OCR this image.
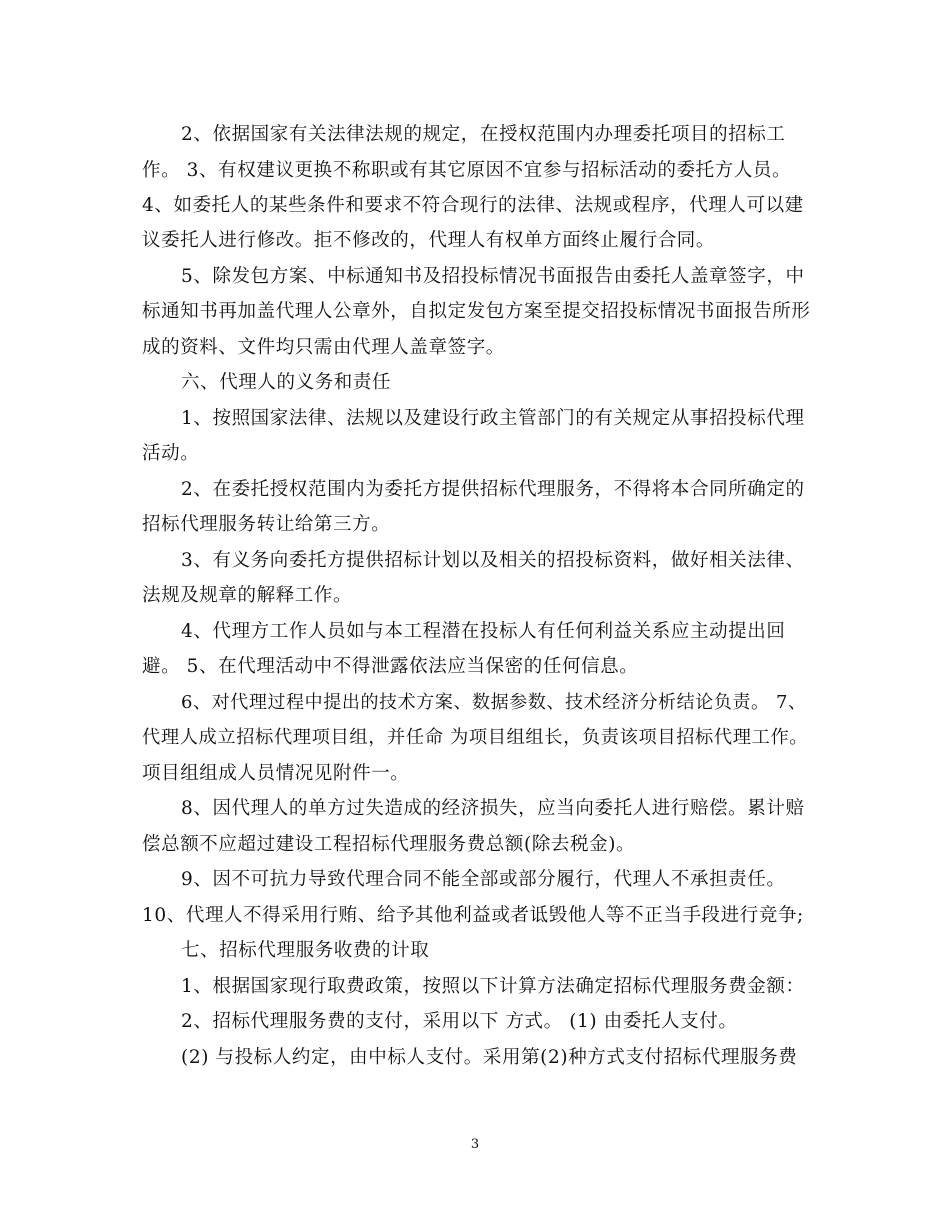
2、依据国家有关法律法规的规定，在授权范围内办理委托项目的招标工
作。 3、有权建议更换不称职或有其它原因不宜参与招标活动的委托方人员。
4、如委托人的某些条件和要求不符合现行的法律、法规或程序，代理人可以建
议委托人进行修改。拒不修改的，代理人有权单方面终止履行合同。
5、除发包方案、中标通知书及招投标情况书面报告由委托人盖章签字，中
标通知书再加盖代理人公章外，自拟定发包方案至提交招投标情况书面报告所形
成的资料、文件均只需由代理人盖章签字。
六、代理人的义务和责任
1、按照国家法律、法规以及建设行政主管部门的有关规定从事招投标代理
活动。
2、在委托授权范围内为委托方提供招标代理服务，不得将本合同所确定的
招标代理服务转让给第三方。
3、有义务向委托方提供招标计划以及相关的招投标资料，做好相关法律、
法规及规章的解释工作。
4、代理方工作人员如与本工程潜在投标人有任何利益关系应主动提出回
避。 5、在代理活动中不得泄露依法应当保密的任何信息。
6、对代理过程中提出的技术方案、数据参数、技术经济分析结论负责。 7、
代理人成立招标代理项目组，并任命 为项目组组长，负责该项目招标代理工作。
项目组组成人员情况见附件一。
8、因代理人的单方过失造成的经济损失，应当向委托人进行赔偿。累计赔
偿总额不应超过建设工程招标代理服务费总额(除去税金)。
9、因不可抗力导致代理合同不能全部或部分履行，代理人不承担责任。
10、代理人不得采用行贿、给予其他利益或者诋毁他人等不正当手段进行竞争;
七、招标代理服务收费的计取
1、根据国家现行取费政策，按照以下计算方法确定招标代理服务费金额：
2、招标代理服务费的支付，采用以下 方式。 (1) 由委托人支付。
(2) 与投标人约定，由中标人支付。采用第(2)种方式支付招标代理服务费
3
